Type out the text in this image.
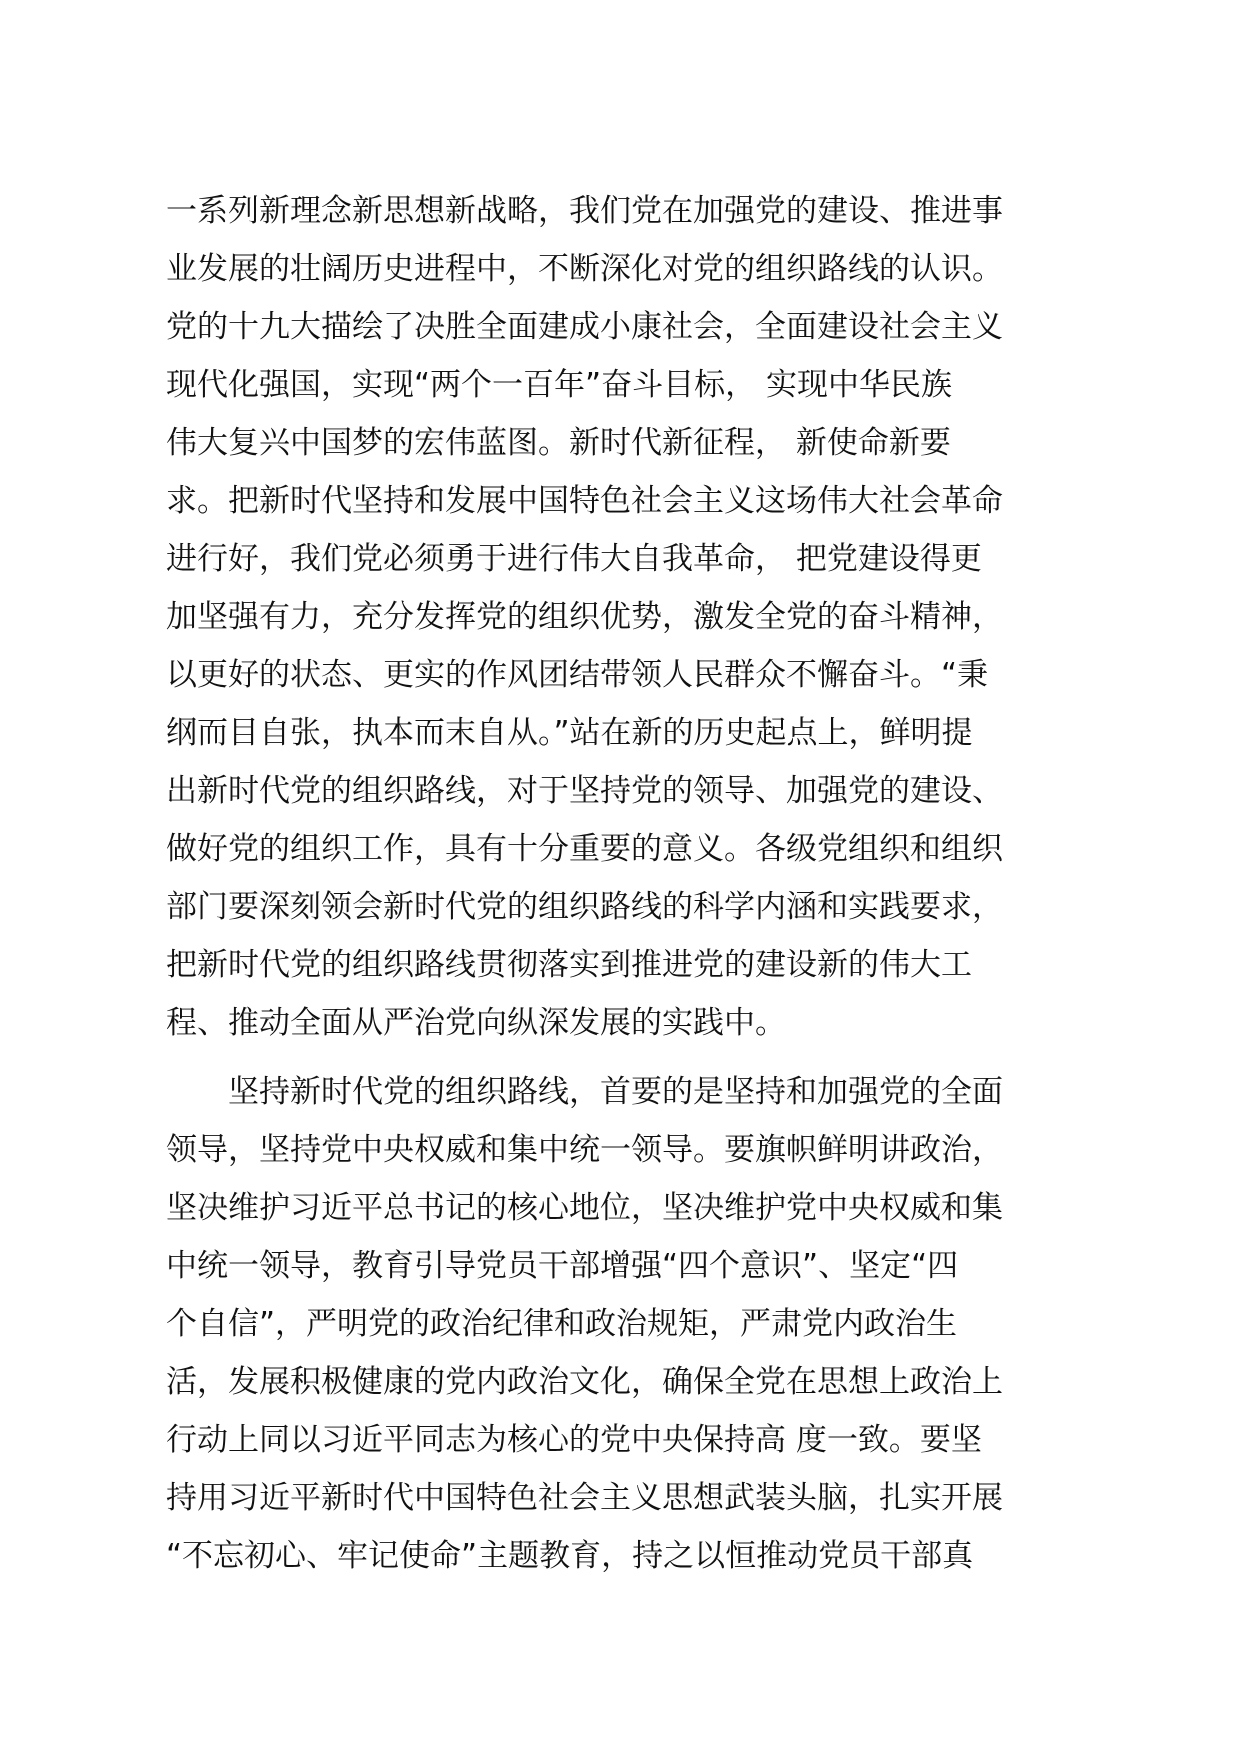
一系列新理念新思想新战略，我们党在加强党的建设、推进事
业发展的壮阔历史进程中，不断深化对党的组织路线的认识。
党的十九大描绘了决胜全面建成小康社会，全面建设社会主义
现代化强国，实现“两个一百年”奋斗目标， 实现中华民族
伟大复兴中国梦的宏伟蓝图。新时代新征程， 新使命新要
求。把新时代坚持和发展中国特色社会主义这场伟大社会革命
进行好，我们党必须勇于进行伟大自我革命， 把党建设得更
加坚强有力，充分发挥党的组织优势，激发全党的奋斗精神，
以更好的状态、更实的作风团结带领人民群众不懈奋斗。“秉
纲而目自张，执本而末自从。”站在新的历史起点上，鲜明提
出新时代党的组织路线，对于坚持党的领导、加强党的建设、
做好党的组织工作，具有十分重要的意义。各级党组织和组织
部门要深刻领会新时代党的组织路线的科学内涵和实践要求，
把新时代党的组织路线贯彻落实到推进党的建设新的伟大工
程、推动全面从严治党向纵深发展的实践中。
　　坚持新时代党的组织路线，首要的是坚持和加强党的全面
领导，坚持党中央权威和集中统一领导。要旗帜鲜明讲政治，
坚决维护习近平总书记的核心地位，坚决维护党中央权威和集
中统一领导，教育引导党员干部增强“四个意识”、坚定“四
个自信”，严明党的政治纪律和政治规矩，严肃党内政治生
活，发展积极健康的党内政治文化，确保全党在思想上政治上
行动上同以习近平同志为核心的党中央保持高 度一致。要坚
持用习近平新时代中国特色社会主义思想武装头脑，扎实开展
“不忘初心、牢记使命”主题教育，持之以恒推动党员干部真
